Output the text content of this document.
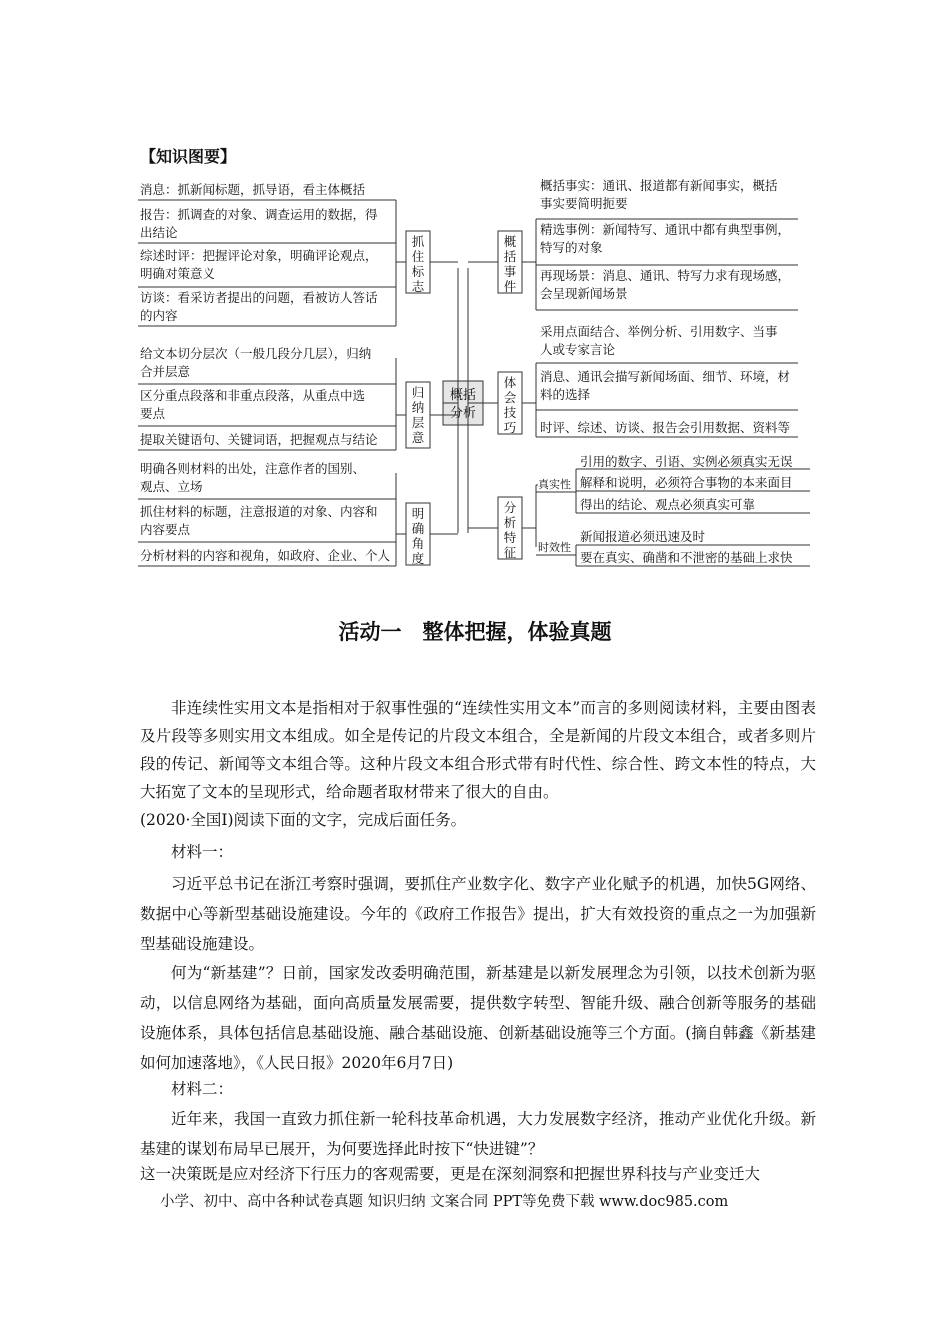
【知识图要】
概括
分析
抓
住
标
志
消息：抓新闻标题，抓导语，看主体概括
报告：抓调查的对象、调查运用的数据，得
出结论
综述时评：把握评论对象，明确评论观点，
明确对策意义
访谈：看采访者提出的问题，看被访人答话
的内容
归
纳
层
意
给文本切分层次（一般几段分几层），归纳
合并层意
区分重点段落和非重点段落，从重点中选
要点
提取关键语句、关键词语，把握观点与结论
明
确
角
度
明确各则材料的出处，注意作者的国别、
观点、立场
抓住材料的标题，注意报道的对象、内容和
内容要点
分析材料的内容和视角，如政府、企业、个人
概
括
事
件
概括事实：通讯、报道都有新闻事实，概括
事实要简明扼要
精选事例：新闻特写、通讯中都有典型事例，
特写的对象
再现场景：消息、通讯、特写力求有现场感，
会呈现新闻场景
体
会
技
巧
采用点面结合、举例分析、引用数字、当事
人或专家言论
消息、通讯会描写新闻场面、细节、环境，材
料的选择
时评、综述、访谈、报告会引用数据、资料等
分
析
特
征
真实性
引用的数字、引语、实例必须真实无误
解释和说明，必须符合事物的本来面目
得出的结论、观点必须真实可靠
时效性
新闻报道必须迅速及时
要在真实、确凿和不泄密的基础上求快
活动一　整体把握，体验真题
非连续性实用文本是指相对于叙事性强的“连续性实用文本”而言的多则阅读材料，主要由图表及片段等多则实用文本组成。如全是传记的片段文本组合，全是新闻的片段文本组合，或者多则片段的传记、新闻等文本组合等。这种片段文本组合形式带有时代性、综合性、跨文本性的特点，大大拓宽了文本的呈现形式，给命题者取材带来了很大的自由。
(2020·全国Ⅰ)阅读下面的文字，完成后面任务。
材料一：
习近平总书记在浙江考察时强调，要抓住产业数字化、数字产业化赋予的机遇，加快5G网络、数据中心等新型基础设施建设。今年的《政府工作报告》提出，扩大有效投资的重点之一为加强新型基础设施建设。
何为“新基建”？日前，国家发改委明确范围，新基建是以新发展理念为引领，以技术创新为驱动，以信息网络为基础，面向高质量发展需要，提供数字转型、智能升级、融合创新等服务的基础设施体系，具体包括信息基础设施、融合基础设施、创新基础设施等三个方面。(摘自韩鑫《新基建如何加速落地》，《人民日报》2020年6月7日)
材料二：
近年来，我国一直致力抓住新一轮科技革命机遇，大力发展数字经济，推动产业优化升级。新基建的谋划布局早已展开，为何要选择此时按下“快进键”？
这一决策既是应对经济下行压力的客观需要，更是在深刻洞察和把握世界科技与产业变迁大
小学、初中、高中各种试卷真题 知识归纳 文案合同 PPT等免费下载 www.doc985.com
